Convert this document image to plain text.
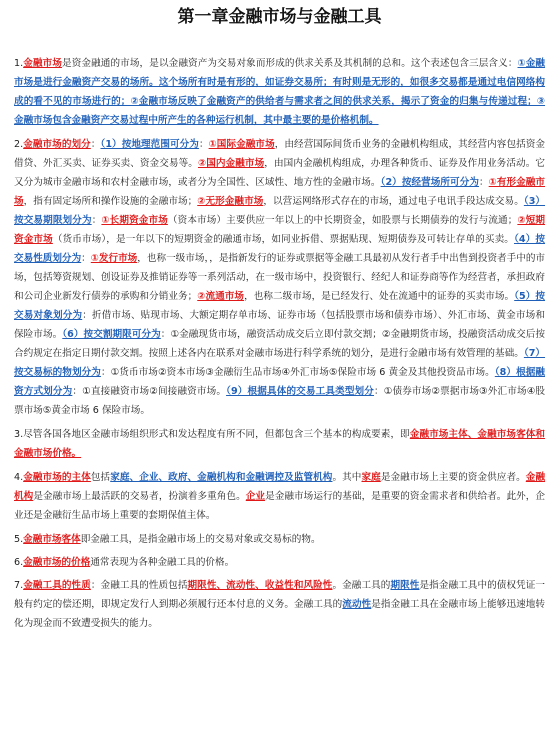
第一章金融市场与金融工具

1.金融市场是资金融通的市场，是以金融资产为交易对象而形成的供求关系及其机制的总和。这个表述包含三层含义：①金融市场是进行金融资产交易的场所。这个场所有时是有形的，如证券交易所；有时则是无形的，如很多交易都是通过电信网络构成的看不见的市场进行的；②金融市场反映了金融资产的供给者与需求者之间的供求关系，揭示了资金的归集与传递过程；③金融市场包含金融资产交易过程中所产生的各种运行机制，其中最主要的是价格机制。

2.金融市场的划分：（1）按地理范围可分为：①国际金融市场，由经营国际间货币业务的金融机构组成，其经营内容包括资金借贷、外汇买卖、证券买卖、资金交易等。②国内金融市场，由国内金融机构组成，办理各种货币、证券及作用业务活动。它又分为城市金融市场和农村金融市场，或者分为全国性、区域性、地方性的金融市场。（2）按经营场所可分为：①有形金融市场，指有固定场所和操作设施的金融市场；②无形金融市场，以营运网络形式存在的市场，通过电子电讯手段达成交易。（3）按交易期限划分为：①长期资金市场（资本市场）主要供应一年以上的中长期资金，如股票与长期债券的发行与流通；②短期资金市场（货币市场），是一年以下的短期资金的融通市场，如同业拆借、票据贴现、短期债券及可转让存单的买卖。（4）按交易性质划分为：①发行市场，也称一级市场，，是指新发行的证券或票据等金融工具最初从发行者手中出售到投资者手中的市场，包括筹资规划、创设证券及推销证券等一系列活动，在一级市场中，投资银行、经纪人和证券商等作为经营者，承担政府和公司企业新发行债券的承购和分销业务；②流通市场，也称二级市场，是已经发行、处在流通中的证券的买卖市场。（5）按交易对象划分为：折借市场、贴现市场、大额定期存单市场、证券市场（包括股票市场和债券市场）、外汇市场、黄金市场和保险市场。（6）按交割期限可分为：①金融现货市场，融资活动成交后立即付款交割；②金融期货市场，投融资活动成交后按合约规定在指定日期付款交割。按照上述各内在联系对金融市场进行科学系统的划分，是进行金融市场有效管理的基础。（7）按交易标的物划分为：①货币市场②资本市场③金融衍生品市场④外汇市场⑤保险市场 6 黄金及其他投资品市场。（8）根据融资方式划分为：①直接融资市场②间接融资市场。（9）根据具体的交易工具类型划分：①债券市场②票据市场③外汇市场④股票市场⑤黄金市场 6 保险市场。

3.尽管各国各地区金融市场组织形式和发达程度有所不同，但都包含三个基本的构成要素，即金融市场主体、金融市场客体和金融市场价格。

4.金融市场的主体包括家庭、企业、政府、金融机构和金融调控及监管机构。其中家庭是金融市场上主要的资金供应者。金融机构是金融市场上最活跃的交易者，扮演着多重角色。企业是金融市场运行的基础，是重要的资金需求者和供给者。此外，企业还是金融衍生品市场上重要的套期保值主体。

5.金融市场客体即金融工具，是指金融市场上的交易对象或交易标的物。

6.金融市场的价格通常表现为各种金融工具的价格。

7.金融工具的性质：金融工具的性质包括期限性、流动性、收益性和风险性。金融工具的期限性是指金融工具中的债权凭证一般有约定的偿还期，即规定发行人到期必须履行还本付息的义务。金融工具的流动性是指金融工具在金融市场上能够迅速地转化为现金而不致遭受损失的能力。
